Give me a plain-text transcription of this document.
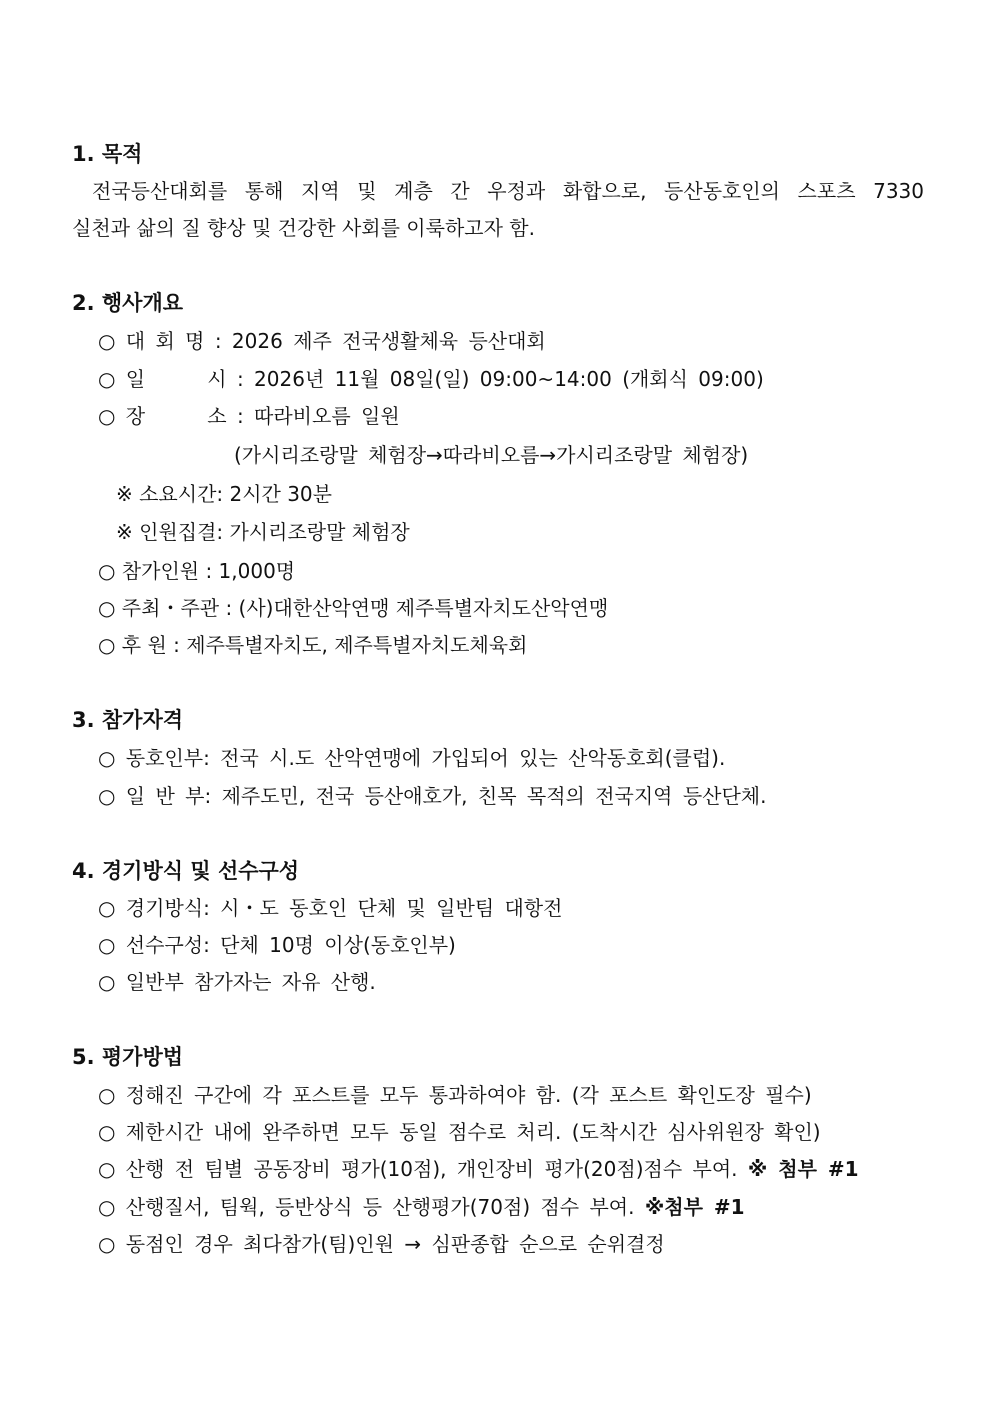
1. 목적
전국등산대회를 통해 지역 및 계층 간 우정과 화합으로, 등산동호인의 스포츠 7330
실천과 삶의 질 향상 및 건강한 사회를 이룩하고자 함.
2. 행사개요
○ 대 회 명 : 2026 제주 전국생활체육 등산대회
○ 일      시 : 2026년 11월 08일(일) 09:00~14:00 (개회식 09:00)
○ 장      소 : 따라비오름 일원
(가시리조랑말 체험장→따라비오름→가시리조랑말 체험장)
※ 소요시간: 2시간 30분
※ 인원집결: 가시리조랑말 체험장
○ 참가인원 : 1,000명
○ 주최・주관 : (사)대한산악연맹 제주특별자치도산악연맹
○ 후 원 : 제주특별자치도, 제주특별자치도체육회
3. 참가자격
○ 동호인부: 전국 시.도 산악연맹에 가입되어 있는 산악동호회(클럽).
○ 일 반 부: 제주도민, 전국 등산애호가, 친목 목적의 전국지역 등산단체.
4. 경기방식 및 선수구성
○ 경기방식: 시・도 동호인 단체 및 일반팀 대항전
○ 선수구성: 단체 10명 이상(동호인부)
○ 일반부 참가자는 자유 산행.
5. 평가방법
○ 정해진 구간에 각 포스트를 모두 통과하여야 함. (각 포스트 확인도장 필수)
○ 제한시간 내에 완주하면 모두 동일 점수로 처리. (도착시간 심사위원장 확인)
○ 산행 전 팀별 공동장비 평가(10점), 개인장비 평가(20점)점수 부여. ※ 첨부 #1
○ 산행질서, 팀웍, 등반상식 등 산행평가(70점) 점수 부여. ※첨부 #1
○ 동점인 경우 최다참가(팀)인원 → 심판종합 순으로 순위결정
